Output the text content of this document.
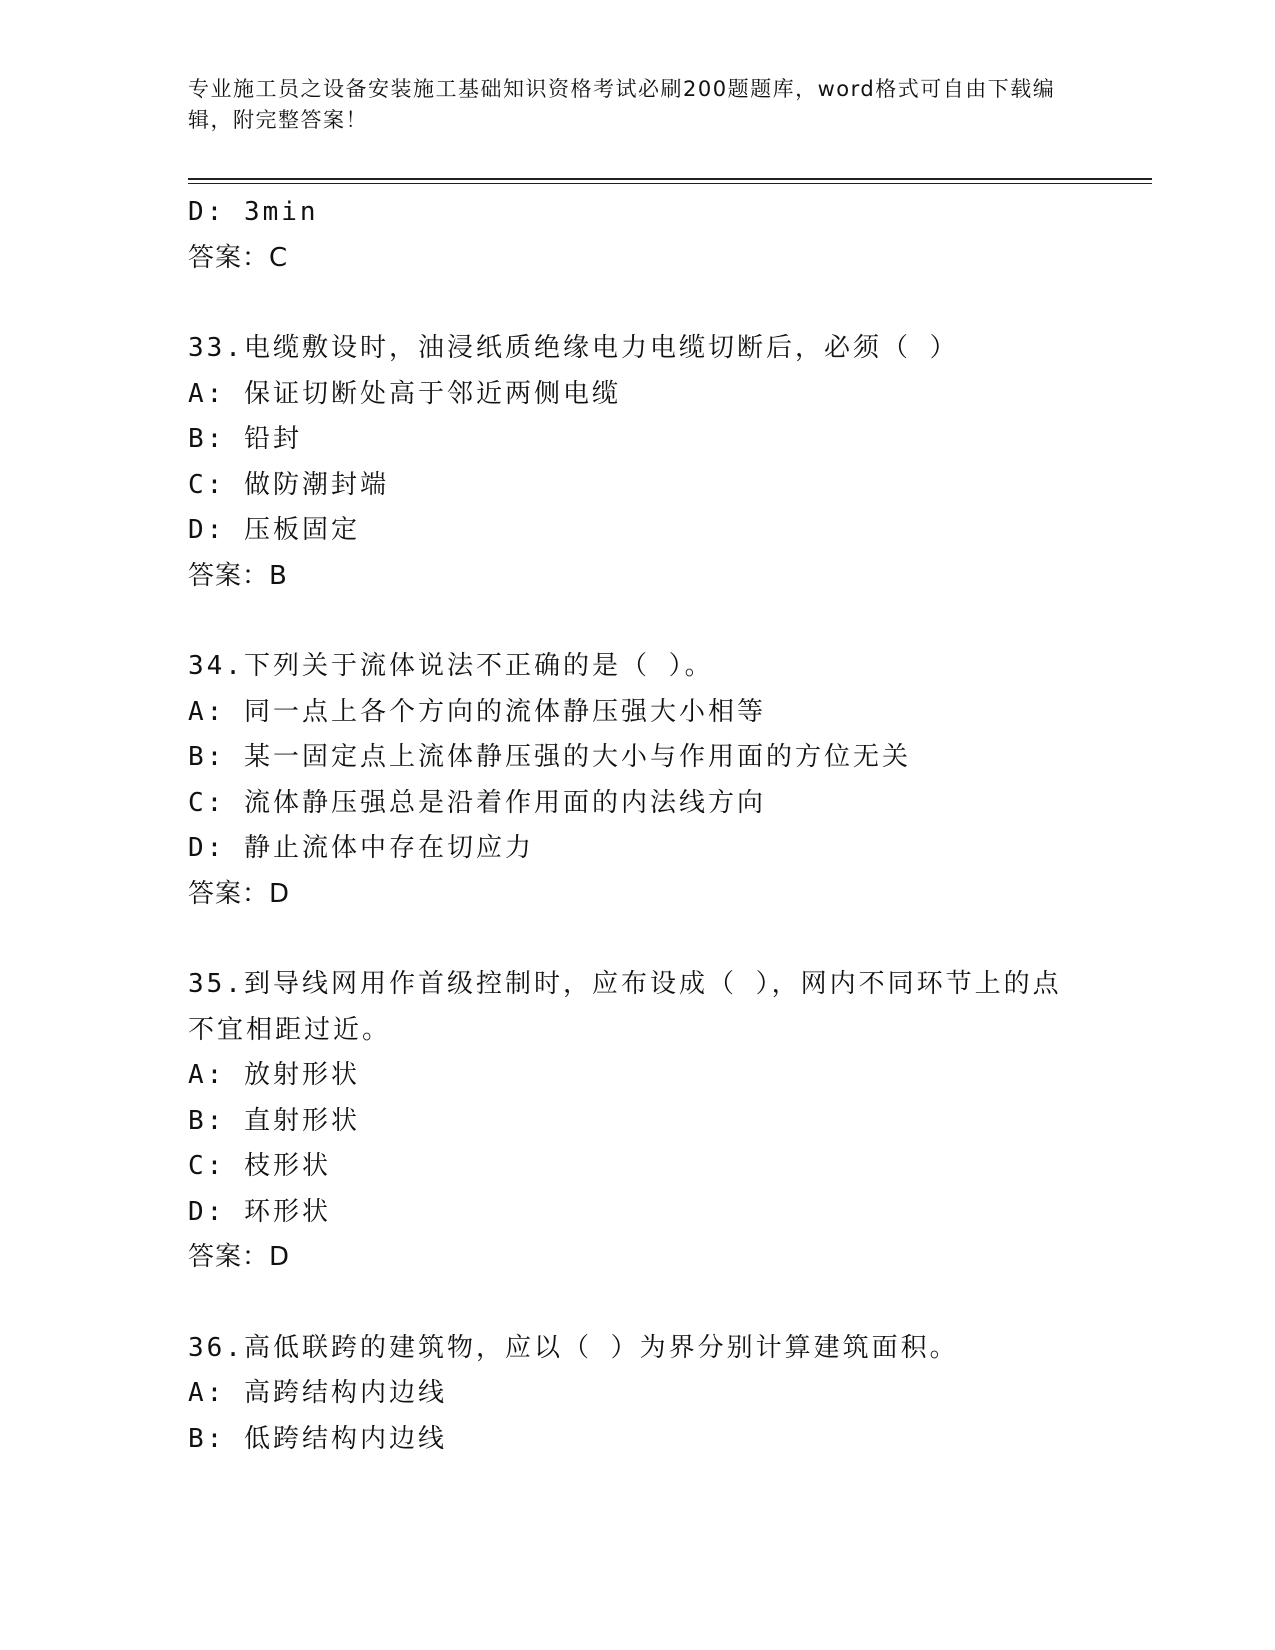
专业施工员之设备安装施工基础知识资格考试必刷200题题库，word格式可自由下载编辑，附完整答案！
D: 3min
答案：C
33.电缆敷设时，油浸纸质绝缘电力电缆切断后，必须（ ）
A: 保证切断处高于邻近两侧电缆
B: 铅封
C: 做防潮封端
D: 压板固定
答案：B
34.下列关于流体说法不正确的是（ ）。
A: 同一点上各个方向的流体静压强大小相等
B: 某一固定点上流体静压强的大小与作用面的方位无关
C: 流体静压强总是沿着作用面的内法线方向
D: 静止流体中存在切应力
答案：D
35.到导线网用作首级控制时，应布设成（ ），网内不同环节上的点
不宜相距过近。
A: 放射形状
B: 直射形状
C: 枝形状
D: 环形状
答案：D
36.高低联跨的建筑物，应以（ ）为界分别计算建筑面积。
A: 高跨结构内边线
B: 低跨结构内边线
